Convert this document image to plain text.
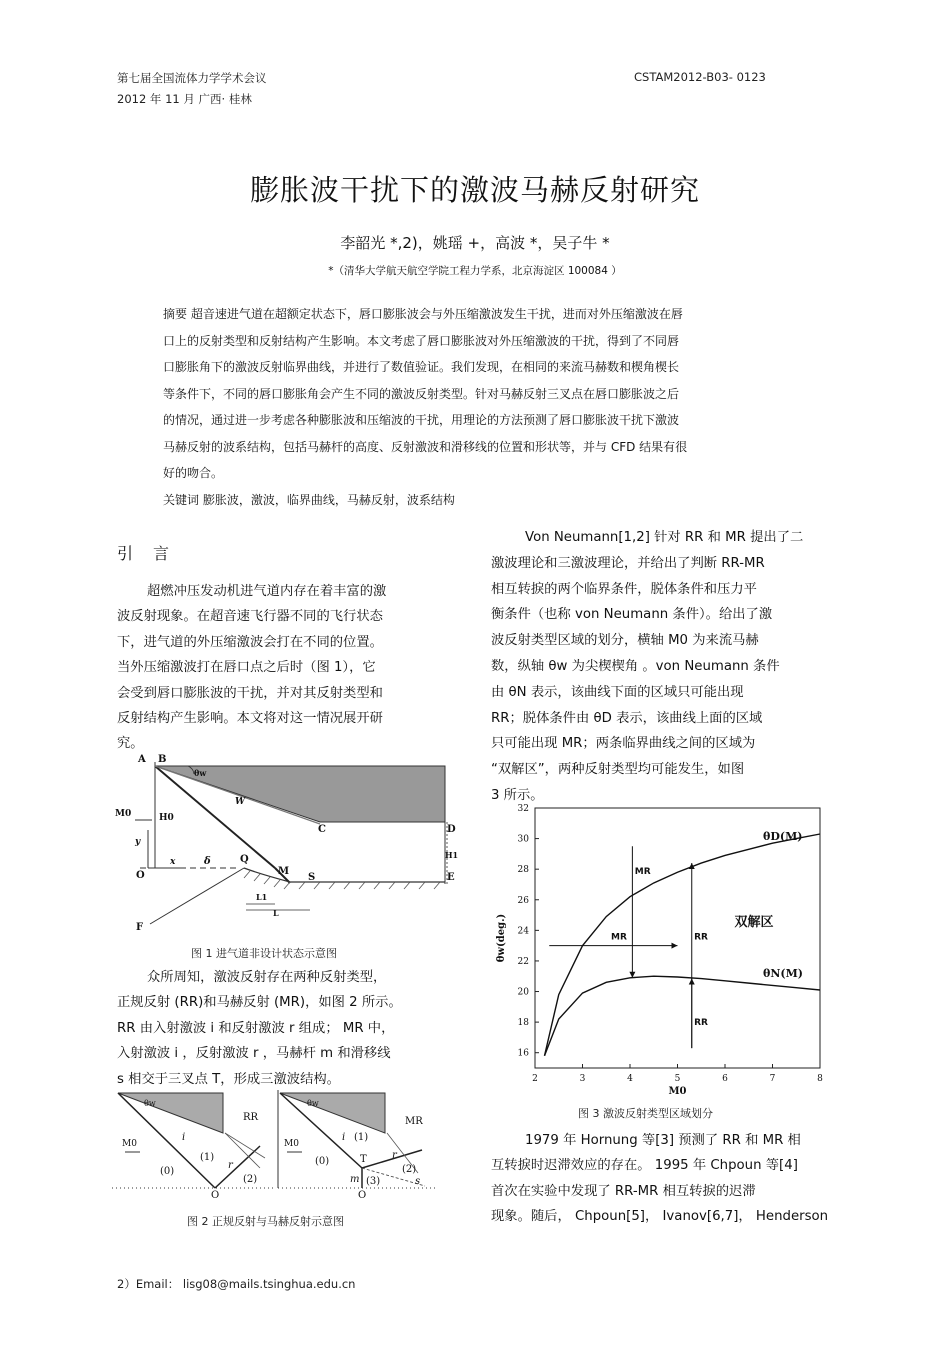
第七届全国流体力学学术会议
2012 年 11 月 广西· 桂林
CSTAM2012-B03- 0123
膨胀波干扰下的激波马赫反射研究
李韶光 *,2)，姚瑶 +，高波 *，吴子牛 *
*（清华大学航天航空学院工程力学系，北京海淀区 100084 ）
摘要 超音速进气道在超额定状态下，唇口膨胀波会与外压缩激波发生干扰，进而对外压缩激波在唇
口上的反射类型和反射结构产生影响。本文考虑了唇口膨胀波对外压缩激波的干扰，得到了不同唇
口膨胀角下的激波反射临界曲线，并进行了数值验证。我们发现，在相同的来流马赫数和楔角楔长
等条件下，不同的唇口膨胀角会产生不同的激波反射类型。针对马赫反射三叉点在唇口膨胀波之后
的情况，通过进一步考虑各种膨胀波和压缩波的干扰，用理论的方法预测了唇口膨胀波干扰下激波
马赫反射的波系结构，包括马赫杆的高度、反射激波和滑移线的位置和形状等，并与 CFD 结果有很
好的吻合。
关键词 膨胀波，激波，临界曲线，马赫反射，波系结构
引言

超燃冲压发动机进气道内存在着丰富的激

波反射现象。在超音速飞行器不同的飞行状态

下，进气道的外压缩激波会打在不同的位置。

当外压缩激波打在唇口点之后时（图 1），它

会受到唇口膨胀波的干扰，并对其反射类型和

反射结构产生影响。本文将对这一情况展开研

究。

A B
θw
W
C	D
H1
E
M0	H0
y
x	δ	Q
M
S
O
L1
L
F
图 1 进气道非设计状态示意图

众所周知，激波反射存在两种反射类型，

正规反射 (RR)和马赫反射 (MR)，如图 2 所示。

RR 由入射激波 i 和反射激波 r 组成； MR 中，

入射激波 i ，反射激波 r ，马赫杆 m 和滑移线

s 相交于三叉点 T，形成三激波结构。

θw
RR
M0
i
(1)
(0)
r
(2)
O
θw
MR
M0
i (1)
T
m
(0)
(3)
(2)
r
s
O
图 2 正规反射与马赫反射示意图

Von Neumann[1,2] 针对 RR 和 MR 提出了二

激波理论和三激波理论，并给出了判断 RR-MR

相互转捩的两个临界条件，脱体条件和压力平

衡条件（也称 von Neumann 条件）。给出了激

波反射类型区域的划分，横轴 M0 为来流马赫

数，纵轴 θw 为尖楔楔角 。von Neumann 条件

由 θN 表示，该曲线下面的区域只可能出现

RR；脱体条件由 θD 表示，该曲线上面的区域

只可能出现 MR；两条临界曲线之间的区域为

“双解区”，两种反射类型均可能发生，如图

3 所示。

2	3	4	5	6	7	8
16
18
20
22
24
26
28
30
32
M0
θw(deg.)
θD(M)
θN(M)
MR
MR	RR
RR
双解区
图 3 激波反射类型区域划分

1979 年 Hornung 等[3] 预测了 RR 和 MR 相

互转捩时迟滞效应的存在。 1995 年 Chpoun 等[4]

首次在实验中发现了 RR-MR 相互转捩的迟滞

现象。随后， Chpoun[5]， Ivanov[6,7]， Henderson

2）Email： lisg08@mails.tsinghua.edu.cn
